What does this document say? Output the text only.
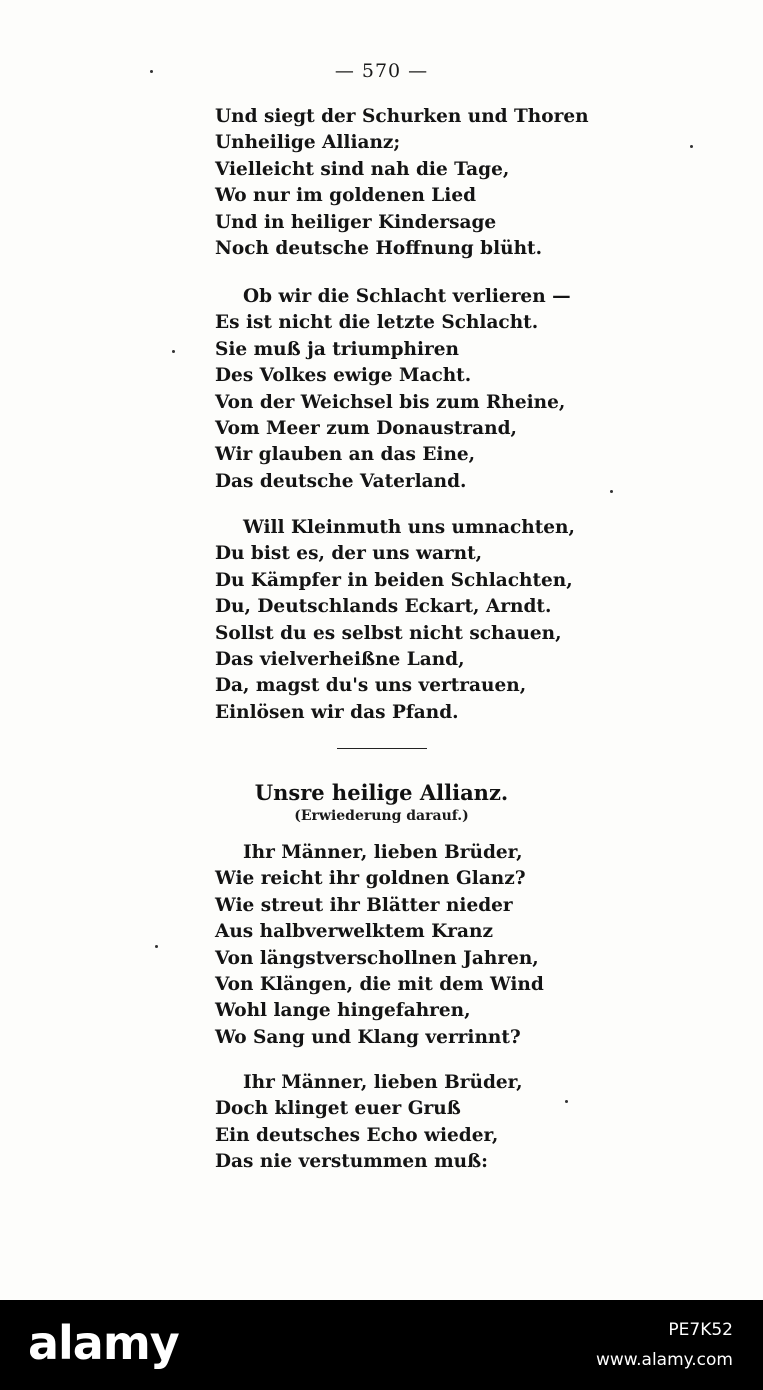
— 570 —
Und siegt der Schurken und Thoren
Unheilige Allianz;
Vielleicht sind nah die Tage,
Wo nur im goldenen Lied
Und in heiliger Kindersage
Noch deutsche Hoffnung blüht.
Ob wir die Schlacht verlieren —
Es ist nicht die letzte Schlacht.
Sie muß ja triumphiren
Des Volkes ewige Macht.
Von der Weichsel bis zum Rheine,
Vom Meer zum Donaustrand,
Wir glauben an das Eine,
Das deutsche Vaterland.
Will Kleinmuth uns umnachten,
Du bist es, der uns warnt,
Du Kämpfer in beiden Schlachten,
Du, Deutschlands Eckart, Arndt.
Sollst du es selbst nicht schauen,
Das vielverheißne Land,
Da, magst du's uns vertrauen,
Einlösen wir das Pfand.
Unsre heilige Allianz.
(Erwiederung darauf.)
Ihr Männer, lieben Brüder,
Wie reicht ihr goldnen Glanz?
Wie streut ihr Blätter nieder
Aus halbverwelktem Kranz
Von längstverschollnen Jahren,
Von Klängen, die mit dem Wind
Wohl lange hingefahren,
Wo Sang und Klang verrinnt?
Ihr Männer, lieben Brüder,
Doch klinget euer Gruß
Ein deutsches Echo wieder,
Das nie verstummen muß:
alamy	PE7K52
www.alamy.com
